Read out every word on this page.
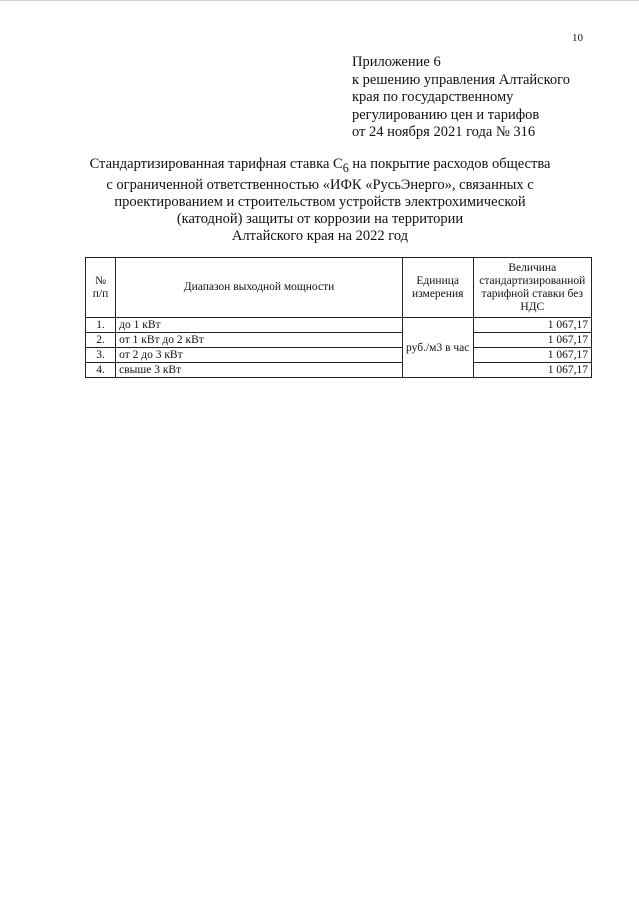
10
Приложение 6
к решению управления Алтайского
края по государственному
регулированию цен и тарифов
от 24 ноября 2021 года № 316
Стандартизированная тарифная ставка $С_6$ на покрытие расходов общества
с ограниченной ответственностью «ИФК «РусьЭнерго», связанных с
проектированием и строительством устройств электрохимической
(катодной) защиты от коррозии на территории
Алтайского края на 2022 год
№ п/п	Диапазон выходной мощности	Единица измерения	Величина стандартизированной тарифной ставки без НДС
1.	до 1 кВт	руб./м3 в час	1 067,17
2.	от 1 кВт до 2 кВт		1 067,17
3.	от 2 до 3 кВт		1 067,17
4.	свыше 3 кВт		1 067,17
